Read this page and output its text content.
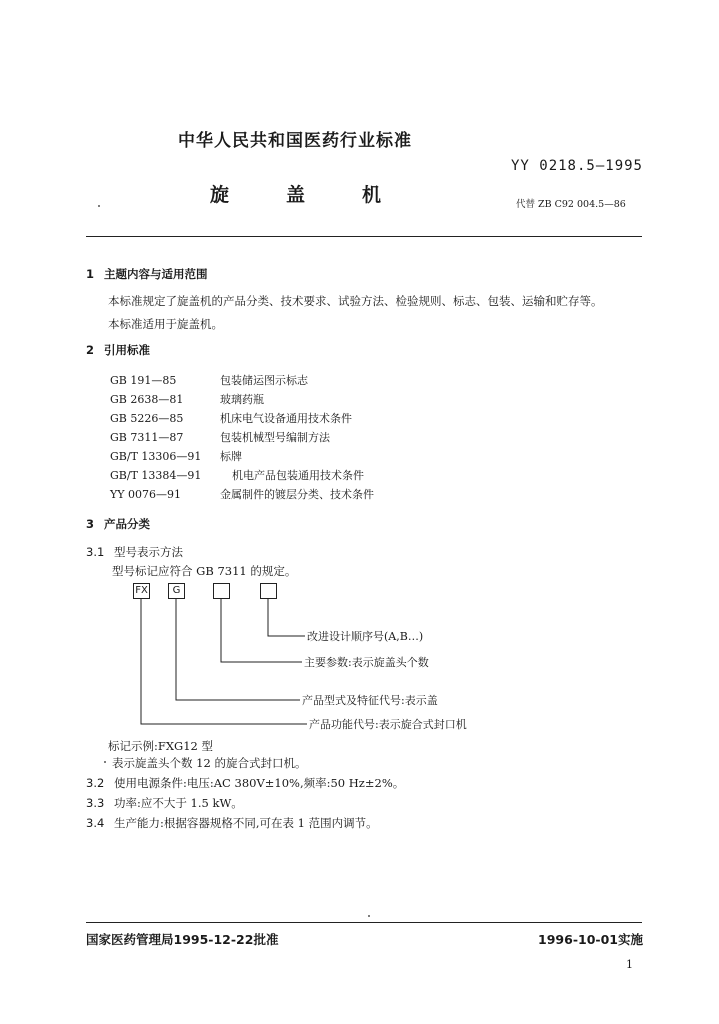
中华人民共和国医药行业标准
YY 0218.5—1995
旋	盖	机	代替 ZB C92 004.5—86
1 主题内容与适用范围
本标准规定了旋盖机的产品分类、技术要求、试验方法、检验规则、标志、包装、运输和贮存等。
本标准适用于旋盖机。
2 引用标准
GB 191—85	包装储运图示标志
GB 2638—81	玻璃药瓶
GB 5226—85	机床电气设备通用技术条件
GB 7311—87	包装机械型号编制方法
GB/T 13306—91 标牌
GB/T 13384—91	机电产品包装通用技术条件
YY 0076—91	金属制件的镀层分类、技术条件
3 产品分类
3.1 型号表示方法
型号标记应符合 GB 7311 的规定。
FX	G
改进设计顺序号(A,B…)
主要参数:表示旋盖头个数
产品型式及特征代号:表示盖
产品功能代号:表示旋合式封口机
标记示例:FXG12 型
表示旋盖头个数 12 的旋合式封口机。
3.2 使用电源条件:电压:AC 380V±10%,频率:50 Hz±2%。
3.3 功率:应不大于 1.5 kW。
3.4 生产能力:根据容器规格不同,可在表 1 范围内调节。
国家医药管理局1995-12-22批准	1996-10-01实施
1
